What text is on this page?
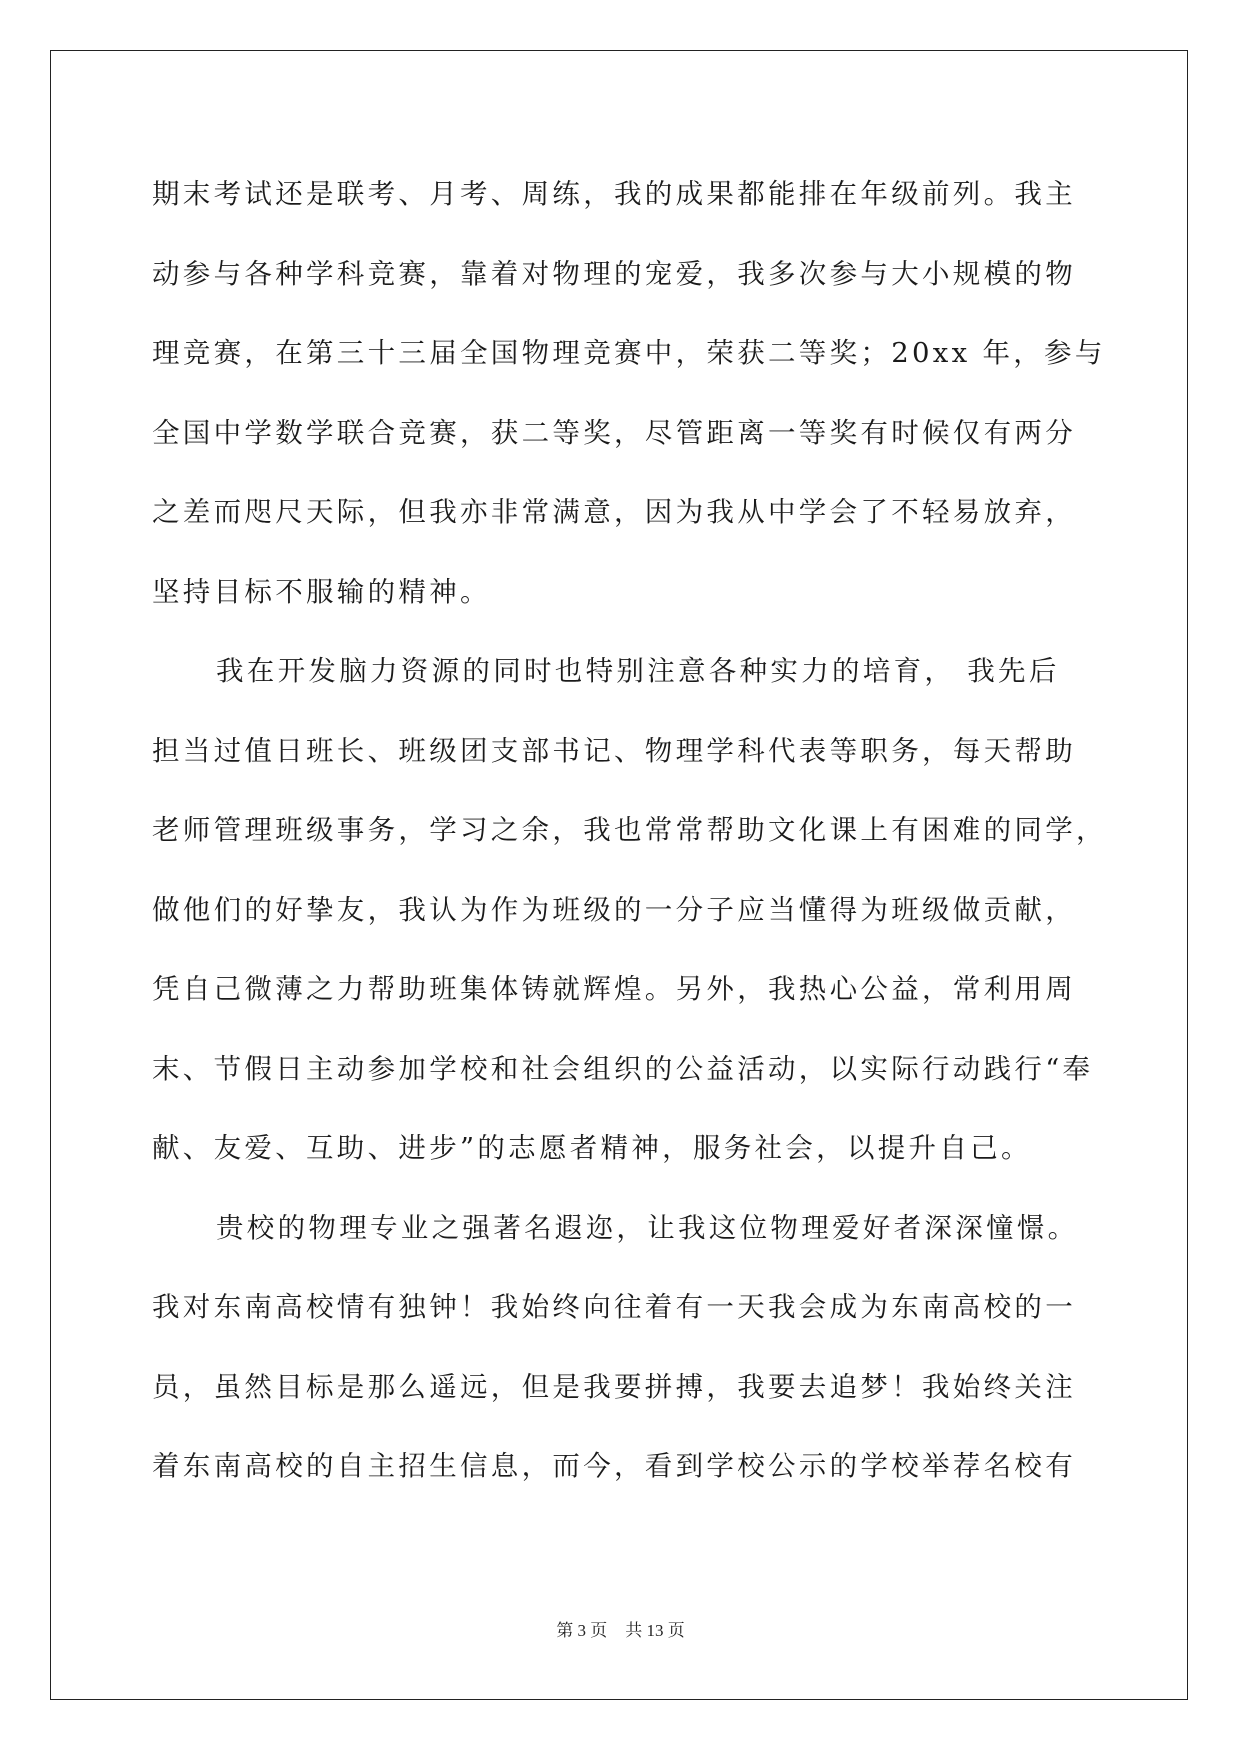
期末考试还是联考、月考、周练，我的成果都能排在年级前列。我主
动参与各种学科竞赛，靠着对物理的宠爱，我多次参与大小规模的物
理竞赛，在第三十三届全国物理竞赛中，荣获二等奖；20xx 年，参与
全国中学数学联合竞赛，获二等奖，尽管距离一等奖有时候仅有两分
之差而咫尺天际，但我亦非常满意，因为我从中学会了不轻易放弃，
坚持目标不服输的精神。
我在开发脑力资源的同时也特别注意各种实力的培育， 我先后
担当过值日班长、班级团支部书记、物理学科代表等职务，每天帮助
老师管理班级事务，学习之余，我也常常帮助文化课上有困难的同学，
做他们的好挚友，我认为作为班级的一分子应当懂得为班级做贡献，
凭自己微薄之力帮助班集体铸就辉煌。另外，我热心公益，常利用周
末、节假日主动参加学校和社会组织的公益活动，以实际行动践行“奉
献、友爱、互助、进步”的志愿者精神，服务社会，以提升自己。
贵校的物理专业之强著名遐迩，让我这位物理爱好者深深憧憬。
我对东南高校情有独钟！我始终向往着有一天我会成为东南高校的一
员，虽然目标是那么遥远，但是我要拼搏，我要去追梦！我始终关注
着东南高校的自主招生信息，而今，看到学校公示的学校举荐名校有
第 3 页 共 13 页
